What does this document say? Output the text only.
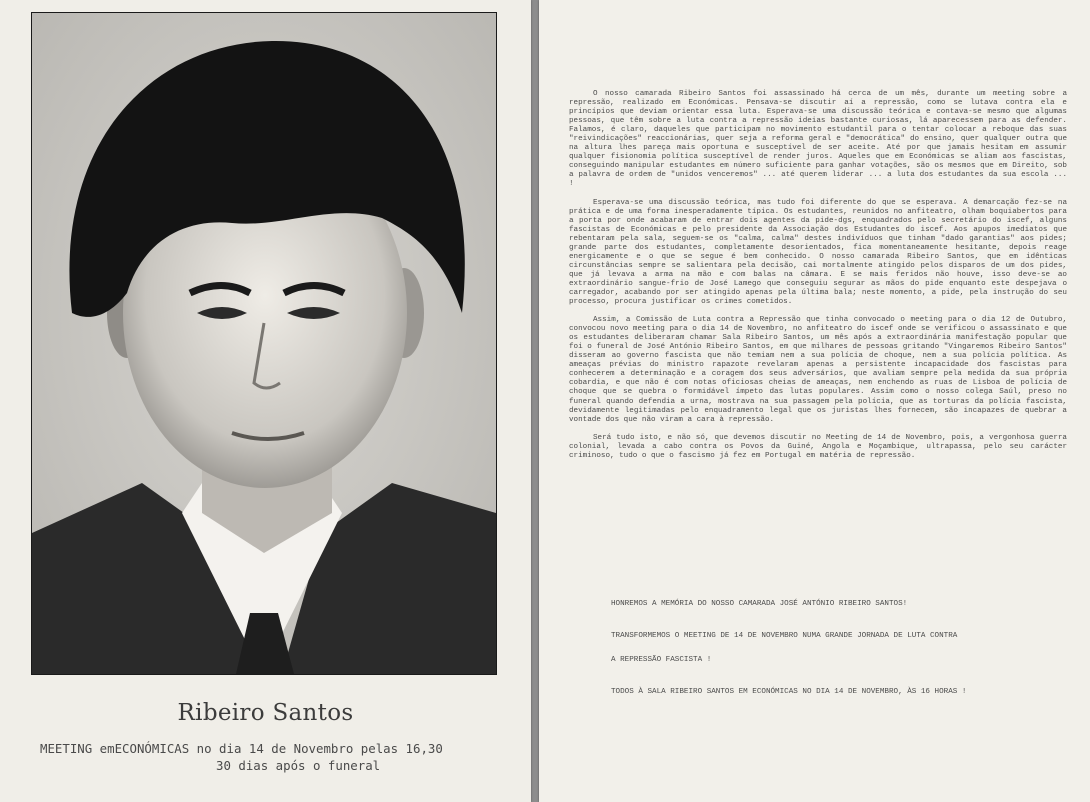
Ribeiro Santos
MEETING emECONÓMICAS no dia 14 de Novembro pelas 16,30
30 dias após o funeral

O nosso camarada Ribeiro Santos foi assassinado há cerca de um mês, durante um meeting sobre a repressão, realizado em Económicas. Pensava-se discutir aí a repressão, como se lutava contra ela e princípios que deviam orientar essa luta. Esperava-se uma discussão teórica e contava-se mesmo que algumas pessoas, que têm sobre a luta contra a repressão ideias bastante curiosas, lá aparecessem para as defender. Falamos, é claro, daqueles que participam no movimento estudantil para o tentar colocar a reboque das suas "reivindicações" reaccionárias, quer seja a reforma geral e "democrática" do ensino, quer qualquer outra que na altura lhes pareça mais oportuna e susceptível de ser aceite. Até por que jamais hesitam em assumir qualquer fisionomia política susceptível de render juros. Aqueles que em Económicas se aliam aos fascistas, conseguindo manipular estudantes em número suficiente para ganhar votações, são os mesmos que em Direito, sob a palavra de ordem de "unidos venceremos" ... até querem liderar ... a luta dos estudantes da sua escola ... !

Esperava-se uma discussão teórica, mas tudo foi diferente do que se esperava. A demarcação fez-se na prática e de uma forma inesperadamente típica. Os estudantes, reunidos no anfiteatro, olham boquiabertos para a porta por onde acabaram de entrar dois agentes da pide-dgs, enquadrados pelo secretário do iscef, alguns fascistas de Económicas e pelo presidente da Associação dos Estudantes do iscef. Aos apupos imediatos que rebentaram pela sala, seguem-se os "calma, calma" destes indivíduos que tinham "dado garantias" aos pides; grande parte dos estudantes, completamente desorientados, fica momentaneamente hesitante, depois reage energicamente e o que se segue é bem conhecido. O nosso camarada Ribeiro Santos, que em idênticas circunstâncias sempre se salientara pela decisão, cai mortalmente atingido pelos disparos de um dos pides, que já levava a arma na mão e com balas na câmara. E se mais feridos não houve, isso deve-se ao extraordinário sangue-frio de José Lamego que conseguiu segurar as mãos do pide enquanto este despejava o carregador, acabando por ser atingido apenas pela última bala; neste momento, a pide, pela instrução do seu processo, procura justificar os crimes cometidos.

Assim, a Comissão de Luta contra a Repressão que tinha convocado o meeting para o dia 12 de Outubro, convocou novo meeting para o dia 14 de Novembro, no anfiteatro do iscef onde se verificou o assassinato e que os estudantes deliberaram chamar Sala Ribeiro Santos, um mês após a extraordinária manifestação popular que foi o funeral de José António Ribeiro Santos, em que milhares de pessoas gritando "Vingaremos Ribeiro Santos" disseram ao governo fascista que não temiam nem a sua polícia de choque, nem a sua polícia política. As ameaças prévias do ministro rapazote revelaram apenas a persistente incapacidade dos fascistas para conhecerem a determinação e a coragem dos seus adversários, que avaliam sempre pela medida da sua própria cobardia, e que não é com notas oficiosas cheias de ameaças, nem enchendo as ruas de Lisboa de polícia de choque que se quebra o formidável ímpeto das lutas populares. Assim como o nosso colega Saúl, preso no funeral quando defendia a urna, mostrava na sua passagem pela polícia, que as torturas da polícia fascista, devidamente legitimadas pelo enquadramento legal que os juristas lhes fornecem, são incapazes de quebrar a vontade dos que não viram a cara à repressão.

Será tudo isto, e não só, que devemos discutir no Meeting de 14 de Novembro, pois, a vergonhosa guerra colonial, levada a cabo contra os Povos da Guiné, Angola e Moçambique, ultrapassa, pelo seu carácter criminoso, tudo o que o fascismo já fez em Portugal em matéria de repressão.

HONREMOS A MEMÓRIA DO NOSSO CAMARADA JOSÉ ANTÓNIO RIBEIRO SANTOS!
TRANSFORMEMOS O MEETING DE 14 DE NOVEMBRO NUMA GRANDE JORNADA DE LUTA CONTRA
A REPRESSÃO FASCISTA !
TODOS À SALA RIBEIRO SANTOS EM ECONÓMICAS NO DIA 14 DE NOVEMBRO, ÀS 16 HORAS !
